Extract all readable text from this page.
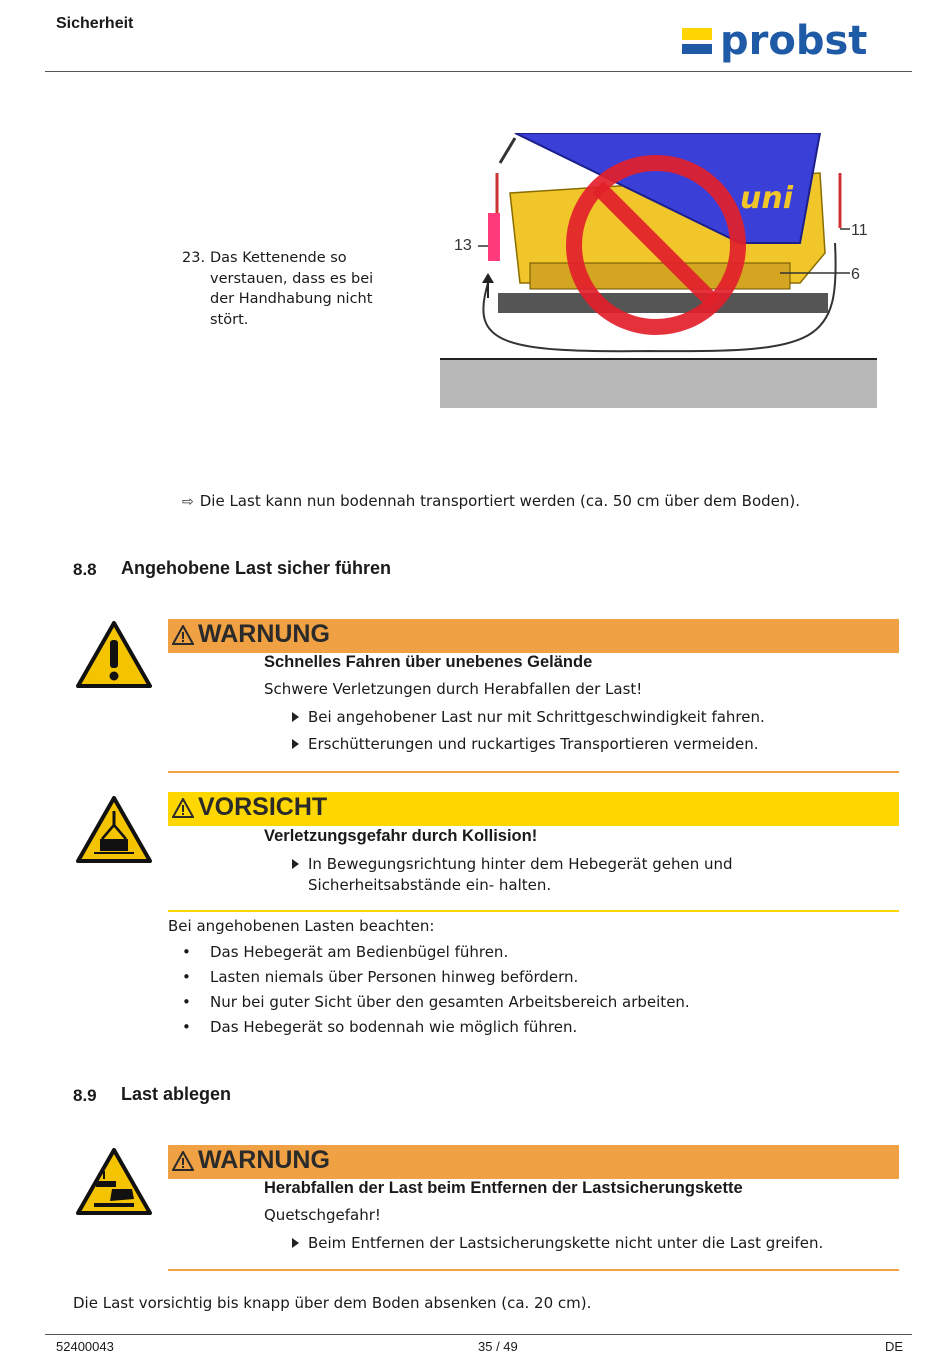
Sicherheit	probst
23. Das Kettenende so verstauen, dass es bei der Handhabung nicht stört.
uni
13
11
6
⇨ Die Last kann nun bodennah transportiert werden (ca. 50 cm über dem Boden).
8.8 Angehobene Last sicher führen
WARNUNG
Schnelles Fahren über unebenes Gelände
Schwere Verletzungen durch Herabfallen der Last!
Bei angehobener Last nur mit Schrittgeschwindigkeit fahren.
Erschütterungen und ruckartiges Transportieren vermeiden.
VORSICHT
Verletzungsgefahr durch Kollision!
In Bewegungsrichtung hinter dem Hebegerät gehen und
Sicherheitsabstände ein- halten.
Bei angehobenen Lasten beachten:
• Das Hebegerät am Bedienbügel führen.
• Lasten niemals über Personen hinweg befördern.
• Nur bei guter Sicht über den gesamten Arbeitsbereich arbeiten.
• Das Hebegerät so bodennah wie möglich führen.
8.9 Last ablegen
WARNUNG
Herabfallen der Last beim Entfernen der Lastsicherungskette
Quetschgefahr!
Beim Entfernen der Lastsicherungskette nicht unter die Last greifen.
Die Last vorsichtig bis knapp über dem Boden absenken (ca. 20 cm).
52400043	35 / 49	DE
